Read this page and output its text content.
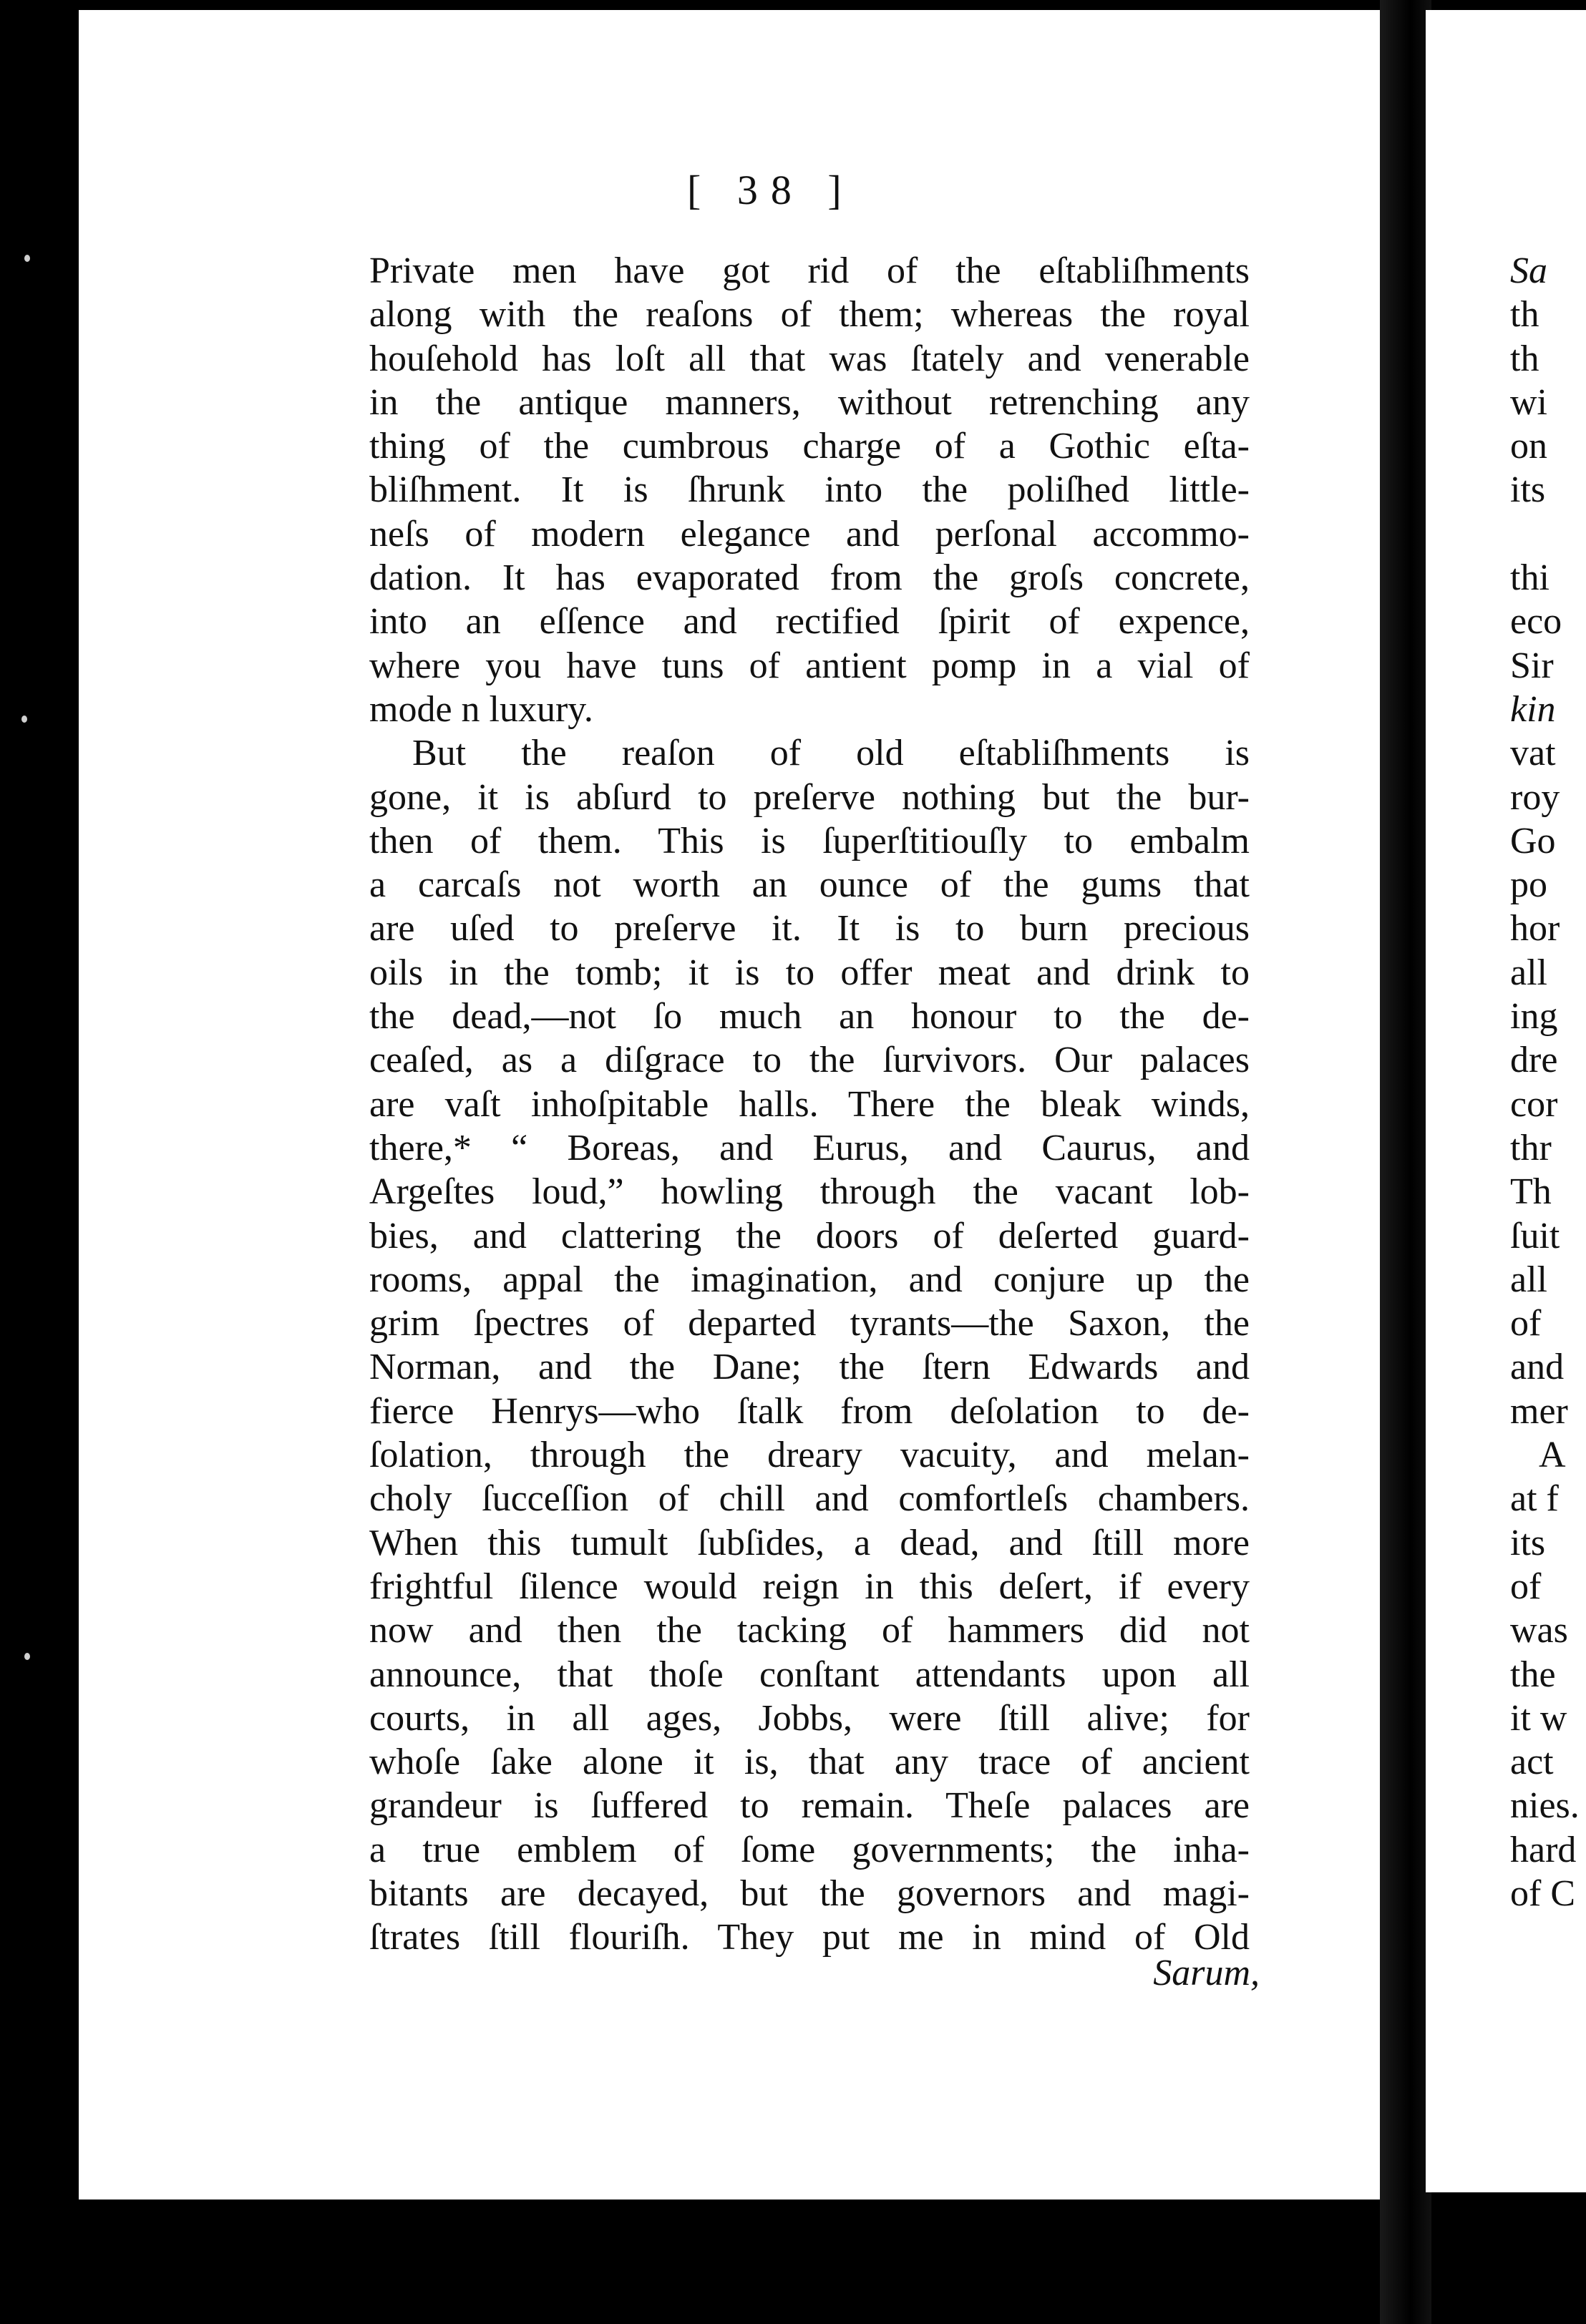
[ 38 ]
Private men have got rid of the eſtabliſhments
along with the reaſons of them; whereas the royal
houſehold has loſt all that was ſtately and venerable
in the antique manners, without retrenching any
thing of the cumbrous charge of a Gothic eſta-
bliſhment. It is ſhrunk into the poliſhed little-
neſs of modern elegance and perſonal accommo-
dation. It has evaporated from the groſs concrete,
into an eſſence and rectified ſpirit of expence,
where you have tuns of antient pomp in a vial of
mode n luxury.
But the reaſon of old eſtabliſhments is
gone, it is abſurd to preſerve nothing but the bur-
then of them. This is ſuperſtitiouſly to embalm
a carcaſs not worth an ounce of the gums that
are uſed to preſerve it. It is to burn precious
oils in the tomb; it is to offer meat and drink to
the dead,—not ſo much an honour to the de-
ceaſed, as a diſgrace to the ſurvivors. Our palaces
are vaſt inhoſpitable halls. There the bleak winds,
there,* “ Boreas, and Eurus, and Caurus, and
Argeſtes loud,” howling through the vacant lob-
bies, and clattering the doors of deſerted guard-
rooms, appal the imagination, and conjure up the
grim ſpectres of departed tyrants—the Saxon, the
Norman, and the Dane; the ſtern Edwards and
fierce Henrys—who ſtalk from deſolation to de-
ſolation, through the dreary vacuity, and melan-
choly ſucceſſion of chill and comfortleſs chambers.
When this tumult ſubſides, a dead, and ſtill more
frightful ſilence would reign in this deſert, if every
now and then the tacking of hammers did not
announce, that thoſe conſtant attendants upon all
courts, in all ages, Jobbs, were ſtill alive; for
whoſe ſake alone it is, that any trace of ancient
grandeur is ſuffered to remain. Theſe palaces are
a true emblem of ſome governments; the inha-
bitants are decayed, but the governors and magi-
ſtrates ſtill flouriſh. They put me in mind of Old
Sarum,
Sa
th
th
wi
on
its
thi
eco
Sir
kin
vat
roy
Go
po
hor
all
ing
dre
cor
thr
Th
ſuit
all
of
and
mer
A
at f
its
of
was
the
it w
act
nies.
hard
of C
